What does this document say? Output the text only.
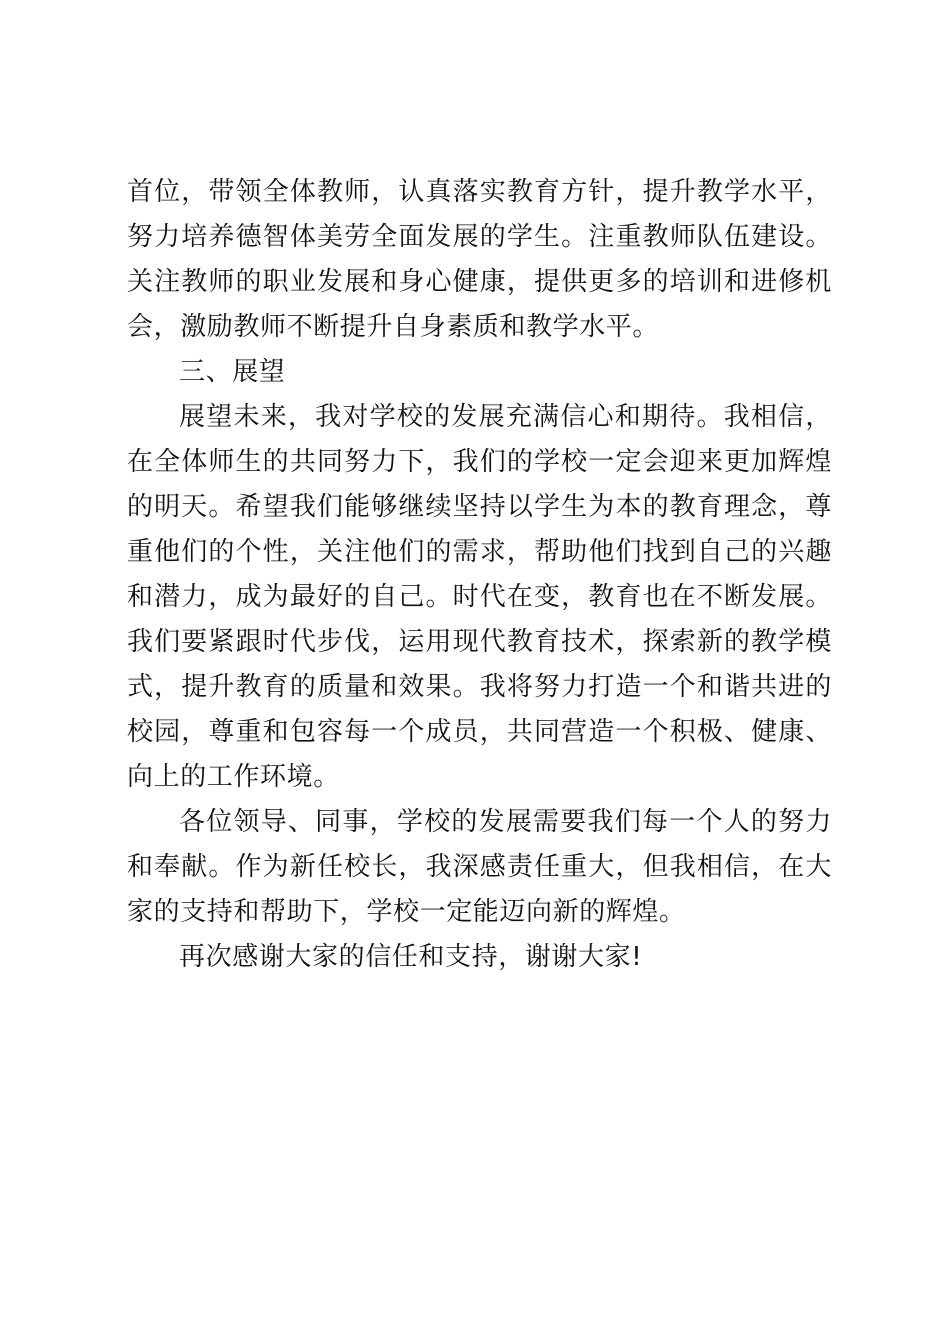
首位，带领全体教师，认真落实教育方针，提升教学水平，努力培养德智体美劳全面发展的学生。注重教师队伍建设。关注教师的职业发展和身心健康，提供更多的培训和进修机会，激励教师不断提升自身素质和教学水平。

三、展望

展望未来，我对学校的发展充满信心和期待。我相信，在全体师生的共同努力下，我们的学校一定会迎来更加辉煌的明天。希望我们能够继续坚持以学生为本的教育理念，尊重他们的个性，关注他们的需求，帮助他们找到自己的兴趣和潜力，成为最好的自己。时代在变，教育也在不断发展。我们要紧跟时代步伐，运用现代教育技术，探索新的教学模式，提升教育的质量和效果。我将努力打造一个和谐共进的校园，尊重和包容每一个成员，共同营造一个积极、健康、向上的工作环境。

各位领导、同事，学校的发展需要我们每一个人的努力和奉献。作为新任校长，我深感责任重大，但我相信，在大家的支持和帮助下，学校一定能迈向新的辉煌。

再次感谢大家的信任和支持，谢谢大家!
